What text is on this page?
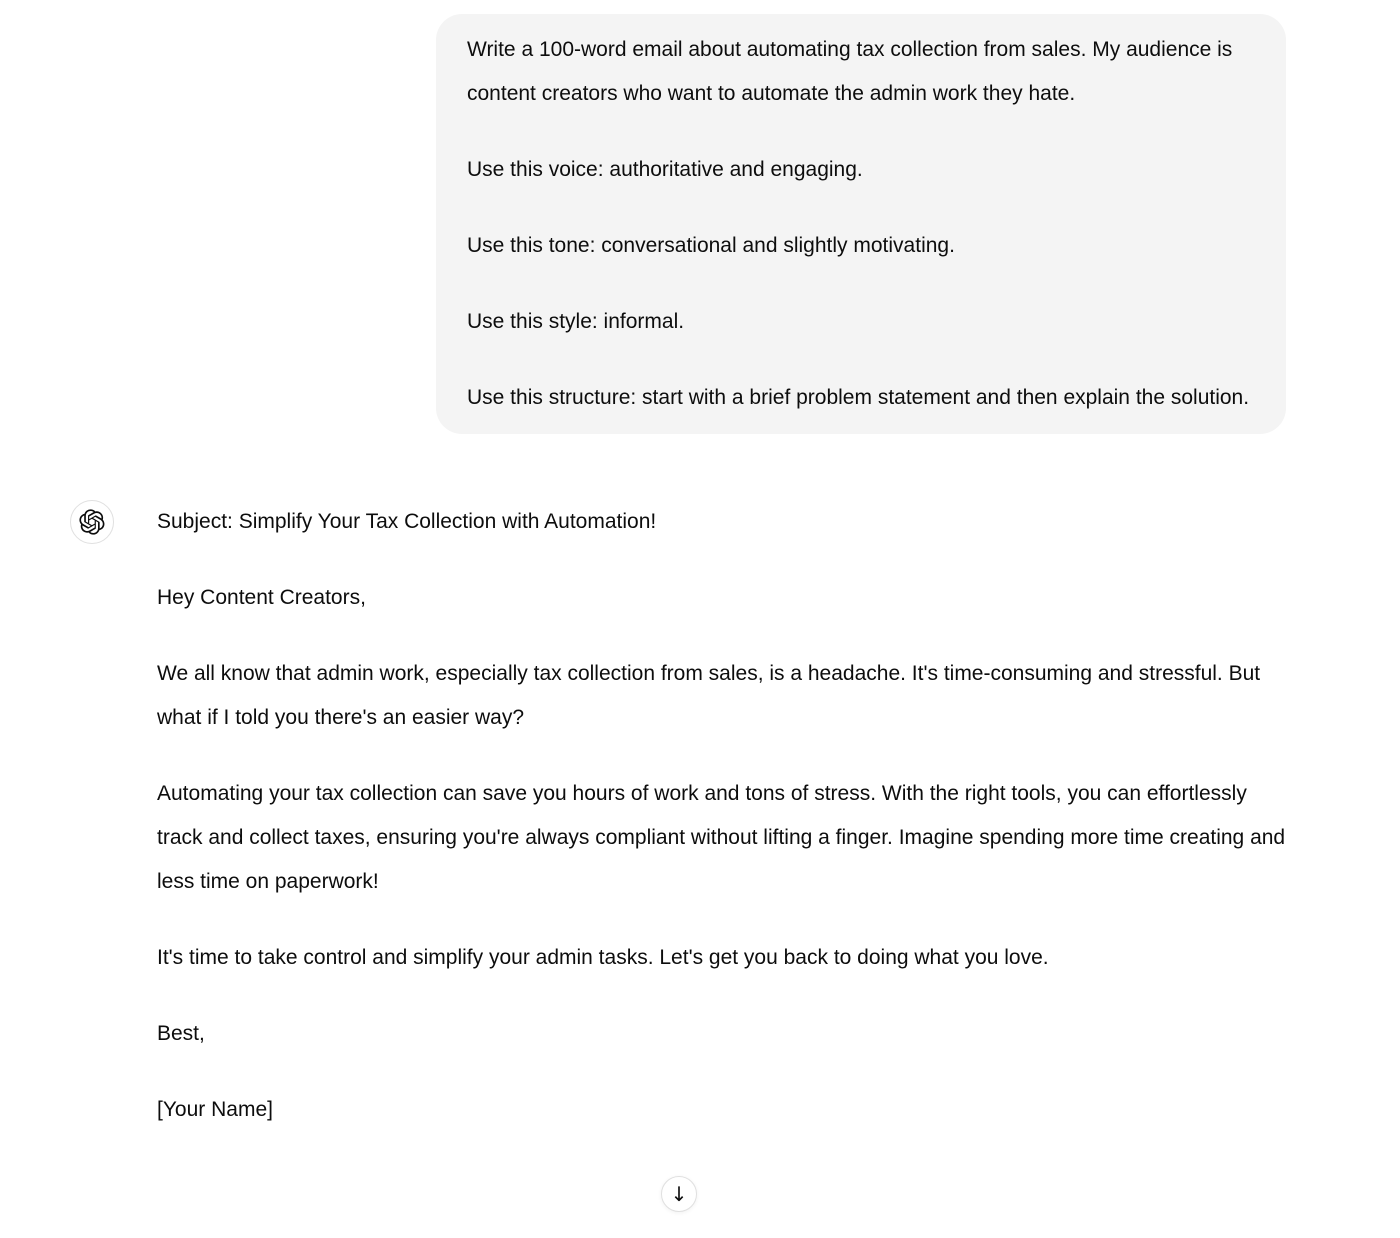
Write a 100-word email about automating tax collection from sales. My audience is content creators who want to automate the admin work they hate.

Use this voice: authoritative and engaging.

Use this tone: conversational and slightly motivating.

Use this style: informal.

Use this structure: start with a brief problem statement and then explain the solution.

Subject: Simplify Your Tax Collection with Automation!

Hey Content Creators,

We all know that admin work, especially tax collection from sales, is a headache. It's time-consuming and stressful. But what if I told you there's an easier way?

Automating your tax collection can save you hours of work and tons of stress. With the right tools, you can effortlessly track and collect taxes, ensuring you're always compliant without lifting a finger. Imagine spending more time creating and less time on paperwork!

It's time to take control and simplify your admin tasks. Let's get you back to doing what you love.

Best,

[Your Name]

↓
